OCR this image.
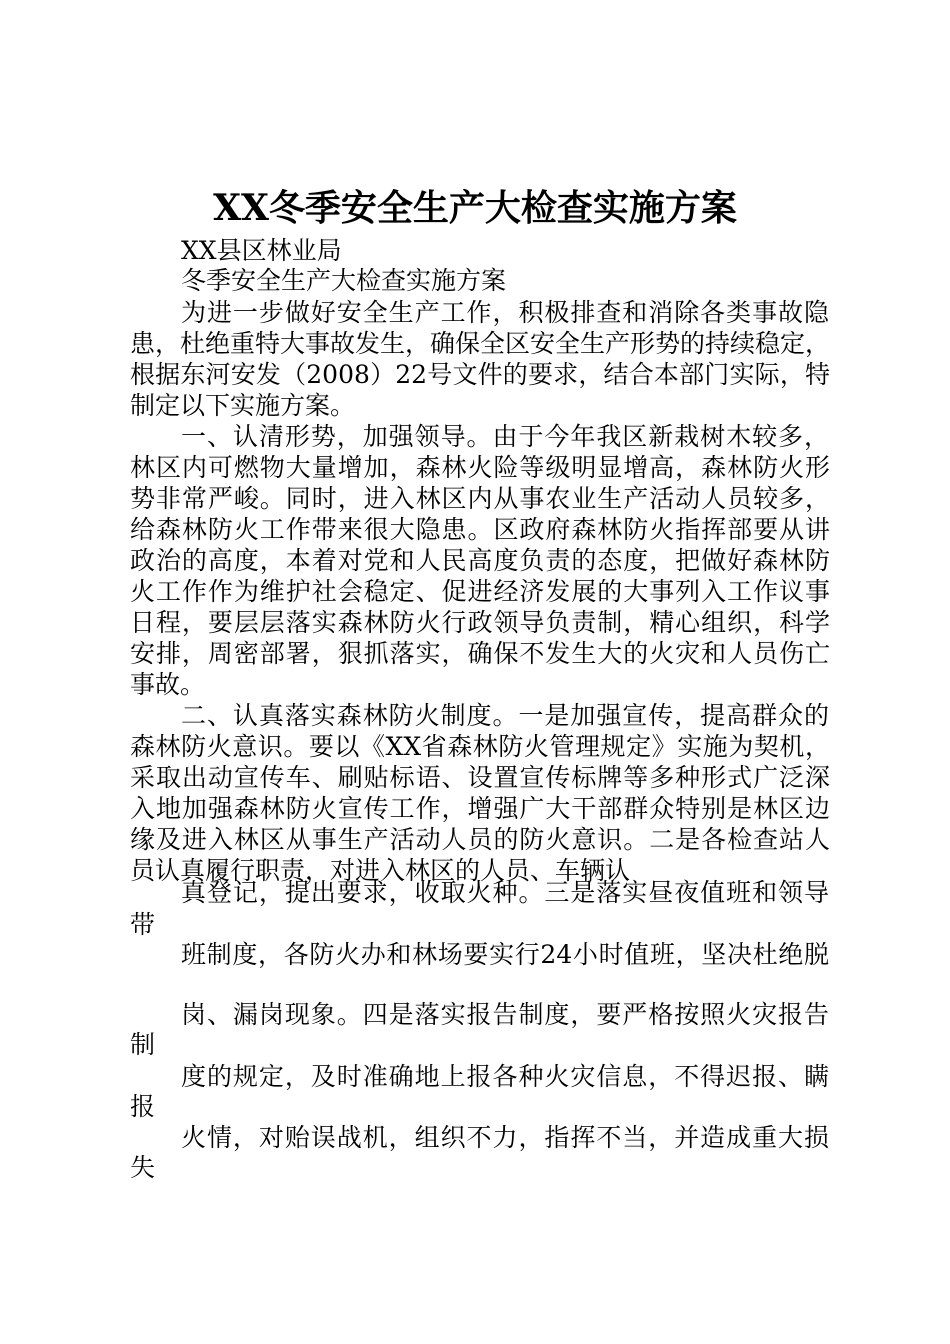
XX冬季安全生产大检查实施方案
XX县区林业局
冬季安全生产大检查实施方案
为进一步做好安全生产工作，积极排查和消除各类事故隐
患，杜绝重特大事故发生，确保全区安全生产形势的持续稳定，
根据东河安发（2008）22号文件的要求，结合本部门实际，特
制定以下实施方案。
一、认清形势，加强领导。由于今年我区新栽树木较多，
林区内可燃物大量增加，森林火险等级明显增高，森林防火形
势非常严峻。同时，进入林区内从事农业生产活动人员较多，
给森林防火工作带来很大隐患。区政府森林防火指挥部要从讲
政治的高度，本着对党和人民高度负责的态度，把做好森林防
火工作作为维护社会稳定、促进经济发展的大事列入工作议事
日程，要层层落实森林防火行政领导负责制，精心组织，科学
安排，周密部署，狠抓落实，确保不发生大的火灾和人员伤亡
事故。
二、认真落实森林防火制度。一是加强宣传，提高群众的
森林防火意识。要以《XX省森林防火管理规定》实施为契机，
采取出动宣传车、刷贴标语、设置宣传标牌等多种形式广泛深
入地加强森林防火宣传工作，增强广大干部群众特别是林区边
缘及进入林区从事生产活动人员的防火意识。二是各检查站人
员认真履行职责，对进入林区的人员、车辆认
真登记，提出要求，收取火种。三是落实昼夜值班和领导
带
班制度，各防火办和林场要实行24小时值班，坚决杜绝脱
岗、漏岗现象。四是落实报告制度，要严格按照火灾报告
制
度的规定，及时准确地上报各种火灾信息，不得迟报、瞒
报
火情，对贻误战机，组织不力，指挥不当，并造成重大损
失
